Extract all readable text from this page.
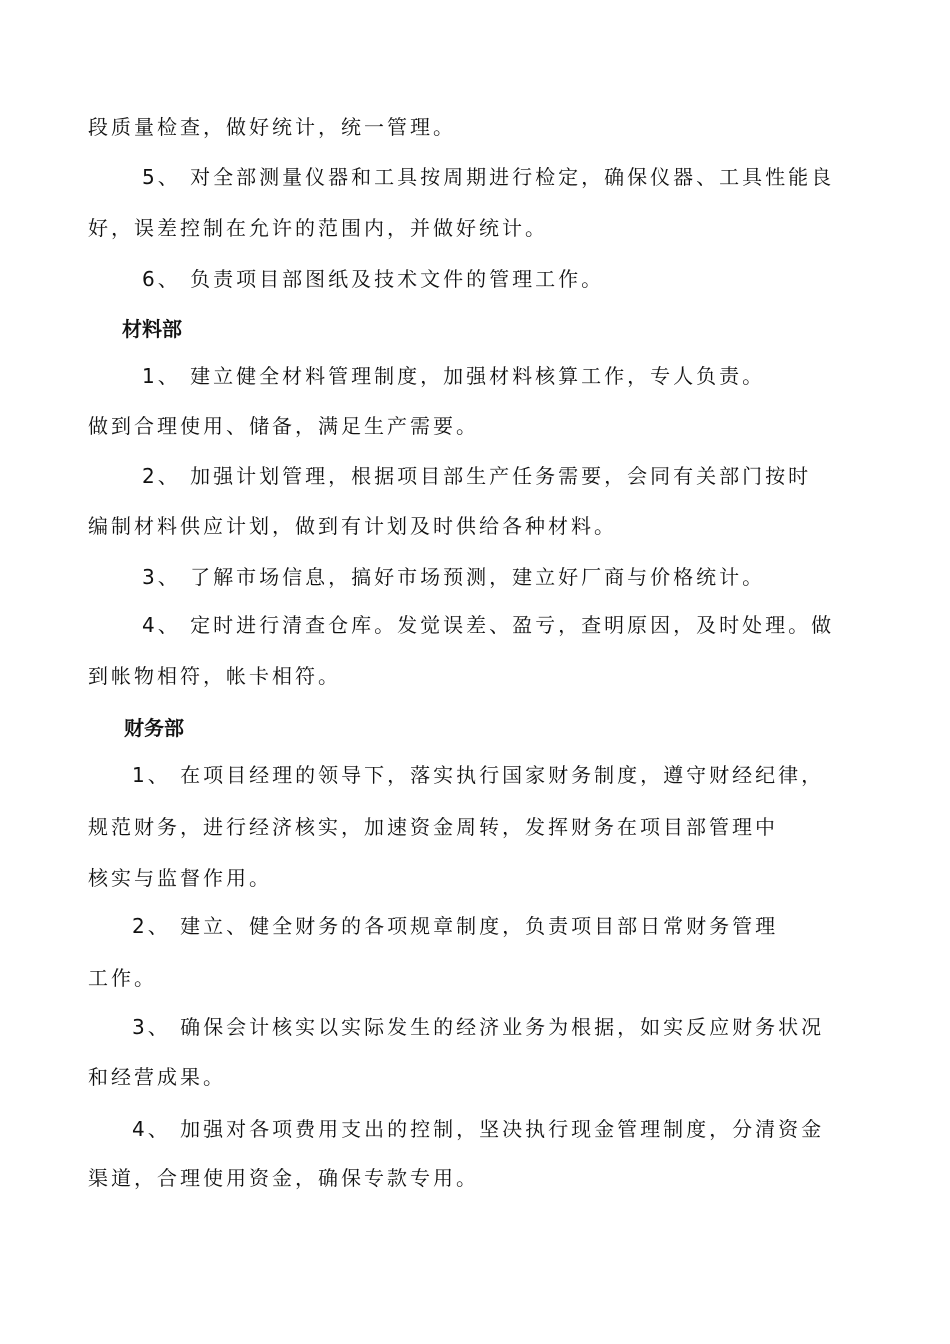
段质量检查，做好统计，统一管理。
5、 对全部测量仪器和工具按周期进行检定，确保仪器、工具性能良
好，误差控制在允许的范围内，并做好统计。
6、 负责项目部图纸及技术文件的管理工作。
材料部
1、 建立健全材料管理制度，加强材料核算工作，专人负责。
做到合理使用、储备，满足生产需要。
2、 加强计划管理，根据项目部生产任务需要，会同有关部门按时
编制材料供应计划，做到有计划及时供给各种材料。
3、 了解市场信息，搞好市场预测，建立好厂商与价格统计。
4、 定时进行清查仓库。发觉误差、盈亏，查明原因，及时处理。做
到帐物相符，帐卡相符。
财务部
1、 在项目经理的领导下，落实执行国家财务制度，遵守财经纪律，
规范财务，进行经济核实，加速资金周转，发挥财务在项目部管理中
核实与监督作用。
2、 建立、健全财务的各项规章制度，负责项目部日常财务管理
工作。
3、 确保会计核实以实际发生的经济业务为根据，如实反应财务状况
和经营成果。
4、 加强对各项费用支出的控制，坚决执行现金管理制度，分清资金
渠道，合理使用资金，确保专款专用。
